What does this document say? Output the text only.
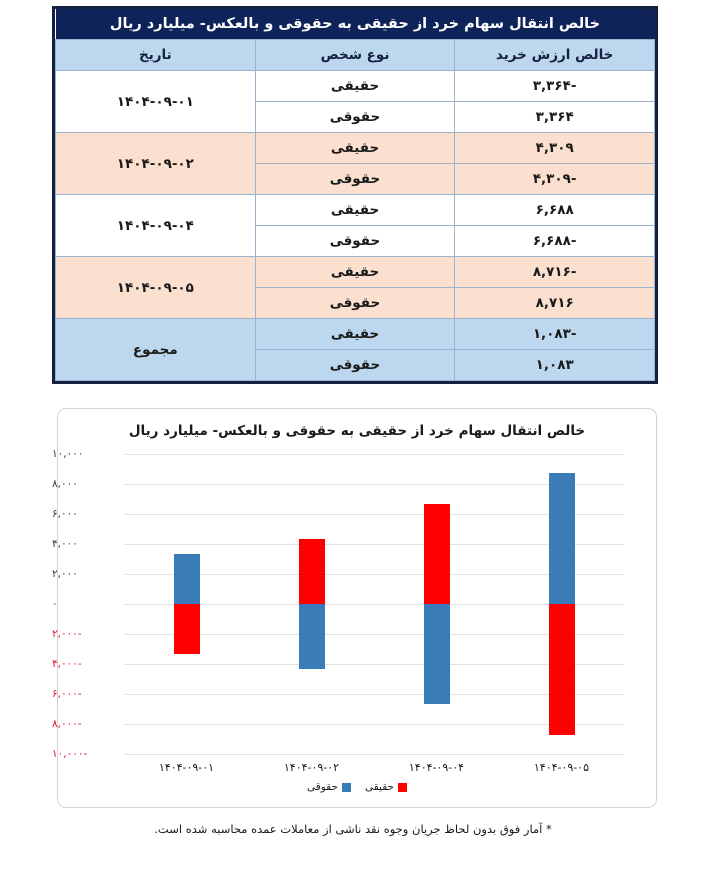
خالص انتقال سهام خرد از حقیقی به حقوقی و بالعکس- میلیارد ریال		
خالص ارزش خرید	نوع شخص	تاریخ
-۳,۳۶۴	حقیقی	۱۴۰۴-۰۹-۰۱
۳,۳۶۴	حقوقی	
۴,۳۰۹	حقیقی	۱۴۰۴-۰۹-۰۲
-۴,۳۰۹	حقوقی	
۶,۶۸۸	حقیقی	۱۴۰۴-۰۹-۰۴
-۶,۶۸۸	حقوقی	
-۸,۷۱۶	حقیقی	۱۴۰۴-۰۹-۰۵
۸,۷۱۶	حقوقی	
-۱,۰۸۳	حقیقی	مجموع
۱,۰۸۳	حقوقی	
خالص انتقال سهام خرد از حقیقی به حقوقی و بالعکس- میلیارد ریال
۱۰,۰۰۰
۸,۰۰۰
۶,۰۰۰
۴,۰۰۰
۲,۰۰۰
۰
-۲,۰۰۰
-۴,۰۰۰
-۶,۰۰۰
-۸,۰۰۰
-۱۰,۰۰۰
۱۴۰۴-۰۹-۰۱	۱۴۰۴-۰۹-۰۲	۱۴۰۴-۰۹-۰۴	۱۴۰۴-۰۹-۰۵
حقیقی
حقوقی
* آمار فوق بدون لحاظ جریان وجوه نقد ناشی از معاملات عمده محاسبه شده است.
